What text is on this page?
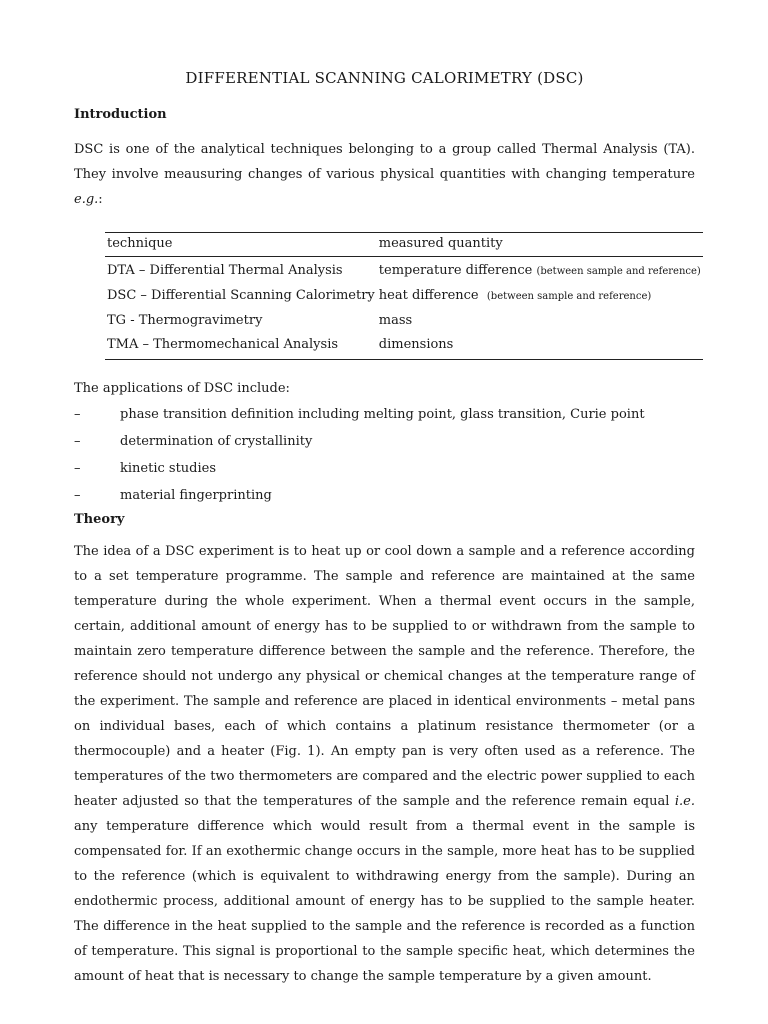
DIFFERENTIAL SCANNING CALORIMETRY (DSC)
Introduction

DSC is one of the analytical techniques belonging to a group called Thermal Analysis (TA). They involve meausuring changes of various physical quantities with changing temperature e.g.:

technique	measured quantity
DTA – Differential Thermal Analysis	temperature difference (between sample and reference)
DSC – Differential Scanning Calorimetry	heat difference (between sample and reference)
TG - Thermogravimetry	mass
TMA – Thermomechanical Analysis	dimensions

The applications of DSC include:

–	phase transition definition including melting point, glass transition, Curie point
–	determination of crystallinity
–	kinetic studies
–	material fingerprinting
Theory

The idea of a DSC experiment is to heat up or cool down a sample and a reference according to a set temperature programme. The sample and reference are maintained at the same temperature during the whole experiment. When a thermal event occurs in the sample, certain, additional amount of energy has to be supplied to or withdrawn from the sample to maintain zero temperature difference between the sample and the reference. Therefore, the reference should not undergo any physical or chemical changes at the temperature range of the experiment. The sample and reference are placed in identical environments – metal pans on individual bases, each of which contains a platinum resistance thermometer (or a thermocouple) and a heater (Fig. 1). An empty pan is very often used as a reference. The temperatures of the two thermometers are compared and the electric power supplied to each heater adjusted so that the temperatures of the sample and the reference remain equal i.e. any temperature difference which would result from a thermal event in the sample is compensated for. If an exothermic change occurs in the sample, more heat has to be supplied to the reference (which is equivalent to withdrawing energy from the sample). During an endothermic process, additional amount of energy has to be supplied to the sample heater. The difference in the heat supplied to the sample and the reference is recorded as a function of temperature. This signal is proportional to the sample specific heat, which determines the amount of heat that is necessary to change the sample temperature by a given amount.
